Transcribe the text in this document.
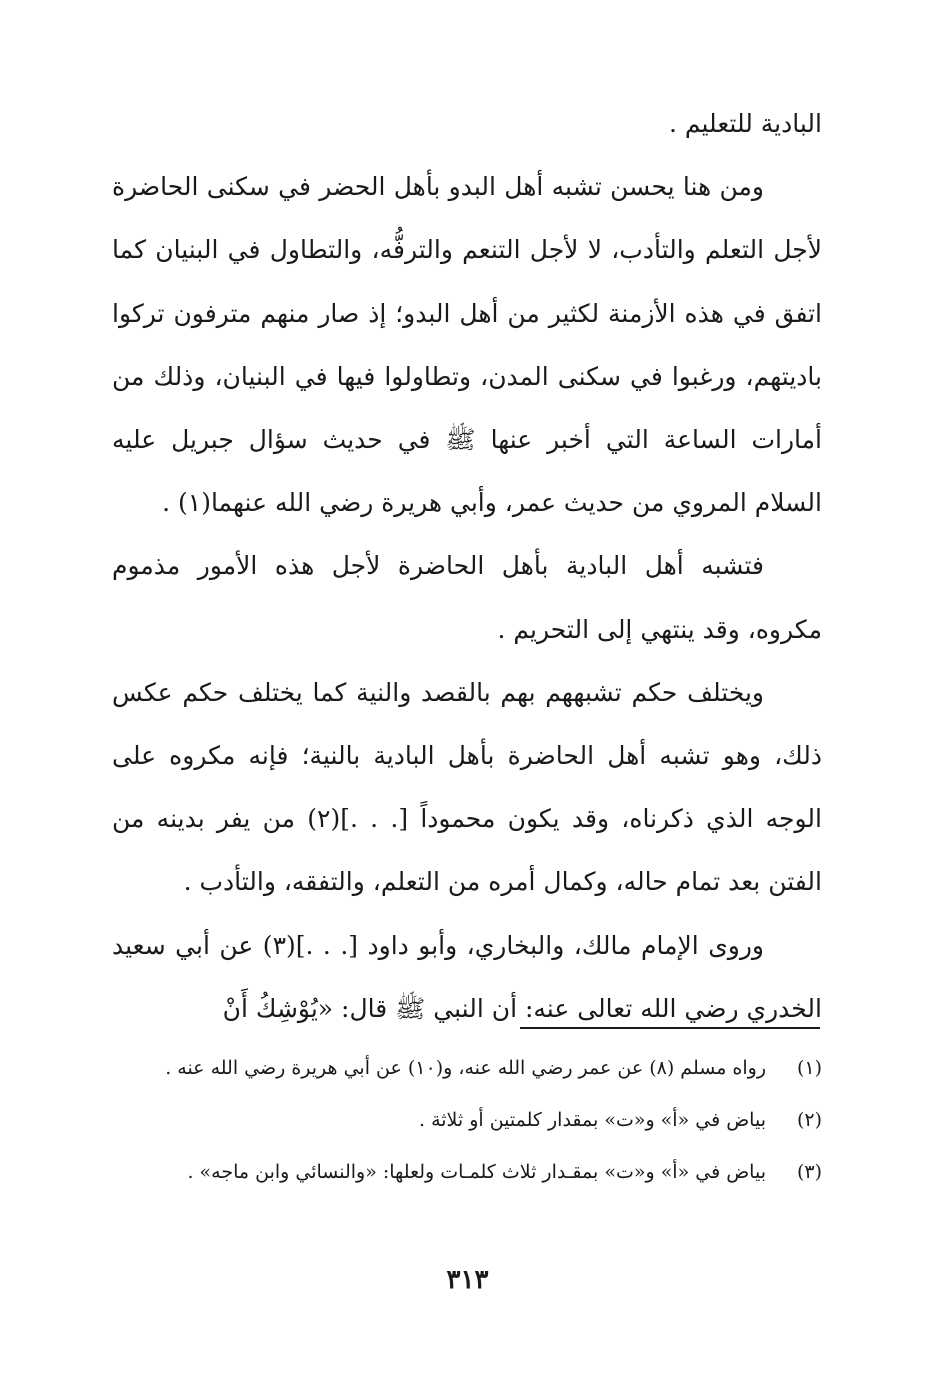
البادية للتعليم .

ومن هنا يحسن تشبه أهل البدو بأهل الحضر في سكنى الحاضرة لأجل التعلم والتأدب، لا لأجل التنعم والترفُّه، والتطاول في البنيان كما اتفق في هذه الأزمنة لكثير من أهل البدو؛ إذ صار منهم مترفون تركوا باديتهم، ورغبوا في سكنى المدن، وتطاولوا فيها في البنيان، وذلك من أمارات الساعة التي أخبر عنها ﷺ في حديث سؤال جبريل عليه السلام المروي من حديث عمر، وأبي هريرة رضي الله عنهما(١) .

فتشبه أهل البادية بأهل الحاضرة لأجل هذه الأمور مذموم مكروه، وقد ينتهي إلى التحريم .

ويختلف حكم تشبههم بهم بالقصد والنية كما يختلف حكم عكس ذلك، وهو تشبه أهل الحاضرة بأهل البادية بالنية؛ فإنه مكروه على الوجه الذي ذكرناه، وقد يكون محموداً [. . .](٢) من يفر بدينه من الفتن بعد تمام حاله، وكمال أمره من التعلم، والتفقه، والتأدب .

وروى الإمام مالك، والبخاري، وأبو داود [. . .](٣) عن أبي سعيد الخدري رضي الله تعالى عنه: أن النبي ﷺ قال: «يُوْشِكُ أَنْ

(١)
رواه مسلم (٨) عن عمر رضي الله عنه، و(١٠) عن أبي هريرة رضي الله عنه .
(٢)
بياض في «أ» و«ت» بمقدار كلمتين أو ثلاثة .
(٣)
بياض في «أ» و«ت» بمقـدار ثلاث كلمـات ولعلها: «والنسائي وابن ماجه» .
٣١٣
